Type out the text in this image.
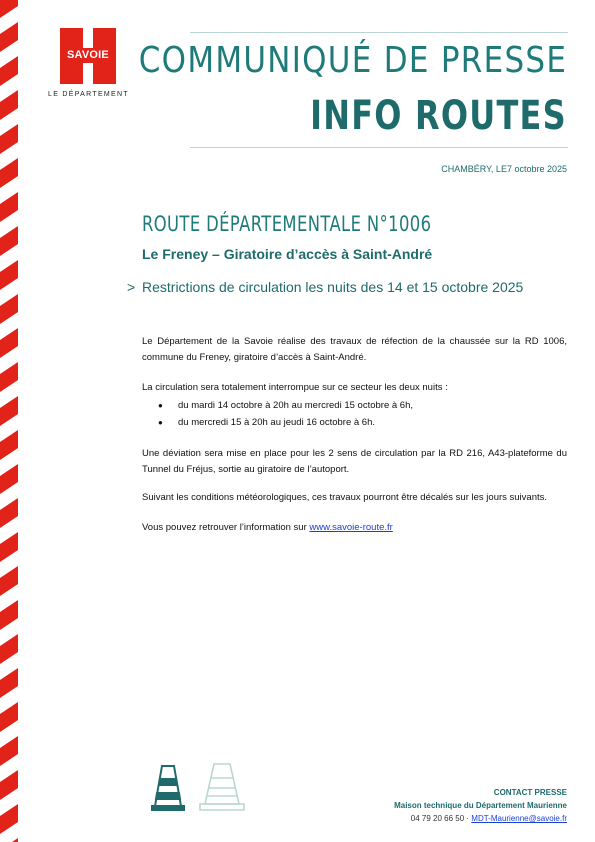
SAVOIE
LE DÉPARTEMENT
COMMUNIQUÉ DE PRESSE
INFO ROUTES
CHAMBÉRY, LE7 octobre 2025
ROUTE DÉPARTEMENTALE N°1006
Le Freney – Giratoire d’accès à Saint-André
> Restrictions de circulation les nuits des 14 et 15 octobre 2025
Le Département de la Savoie réalise des travaux de réfection de la chaussée sur la RD 1006, commune du Freney, giratoire d’accès à Saint-André.
La circulation sera totalement interrompue sur ce secteur les deux nuits :
● du mardi 14 octobre à 20h au mercredi 15 octobre à 6h,
● du mercredi 15 à 20h au jeudi 16 octobre à 6h.
Une déviation sera mise en place pour les 2 sens de circulation par la RD 216, A43-plateforme du Tunnel du Fréjus, sortie au giratoire de l’autoport.
Suivant les conditions météorologiques, ces travaux pourront être décalés sur les jours suivants.
Vous pouvez retrouver l’information sur www.savoie-route.fr
CONTACT PRESSE
Maison technique du Département Maurienne
04 79 20 66 50 · MDT-Maurienne@savoie.fr
